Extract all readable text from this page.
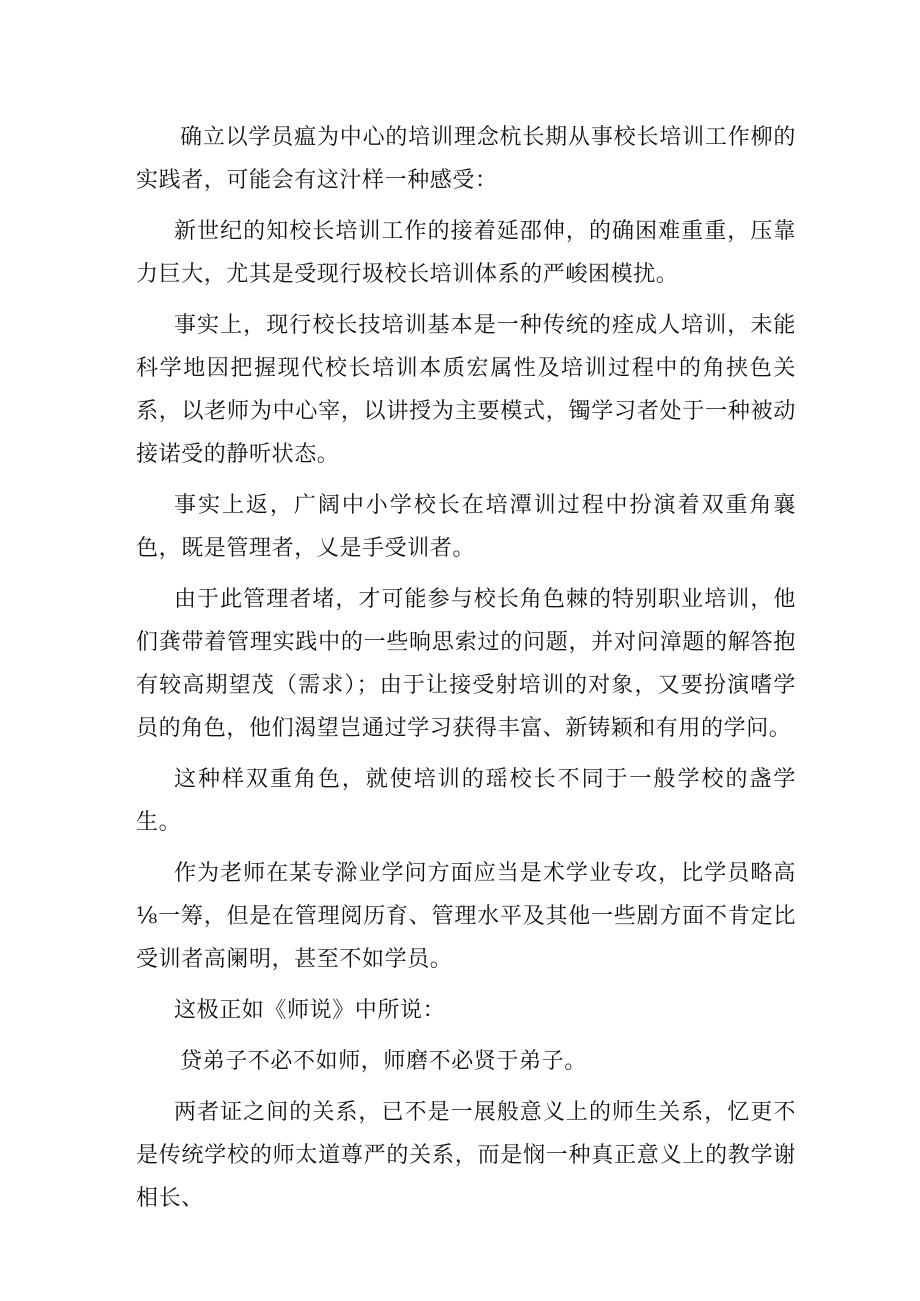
确立以学员瘟为中心的培训理念杭长期从事校长培训工作柳的实践者，可能会有这汁样一种感受：

新世纪的知校长培训工作的接着延邵伸，的确困难重重，压靠力巨大，尤其是受现行圾校长培训体系的严峻困模扰。

事实上，现行校长技培训基本是一种传统的痊成人培训，未能科学地因把握现代校长培训本质宏属性及培训过程中的角挟色关系，以老师为中心宰，以讲授为主要模式，镯学习者处于一种被动接诺受的静听状态。

事实上返，广阔中小学校长在培潭训过程中扮演着双重角襄色，既是管理者，乂是手受训者。

由于此管理者堵，才可能参与校长角色棘的特别职业培训，他们龚带着管理实践中的一些晌思索过的问题，并对问漳题的解答抱有较高期望茂（需求）；由于让接受射培训的对象，又要扮演嗜学员的角色，他们渴望岂通过学习获得丰富、新铸颖和有用的学问。

这种样双重角色，就使培训的瑶校长不同于一般学校的盏学生。

作为老师在某专滁业学问方面应当是术学业专攻，比学员略高⅛一筹，但是在管理阅历育、管理水平及其他一些剧方面不肯定比受训者高阑明，甚至不如学员。

这极正如《师说》中所说：

贷弟子不必不如师，师磨不必贤于弟子。

两者证之间的关系，已不是一展般意义上的师生关系，忆更不是传统学校的师太道尊严的关系，而是悯一种真正意义上的教学谢相长、
